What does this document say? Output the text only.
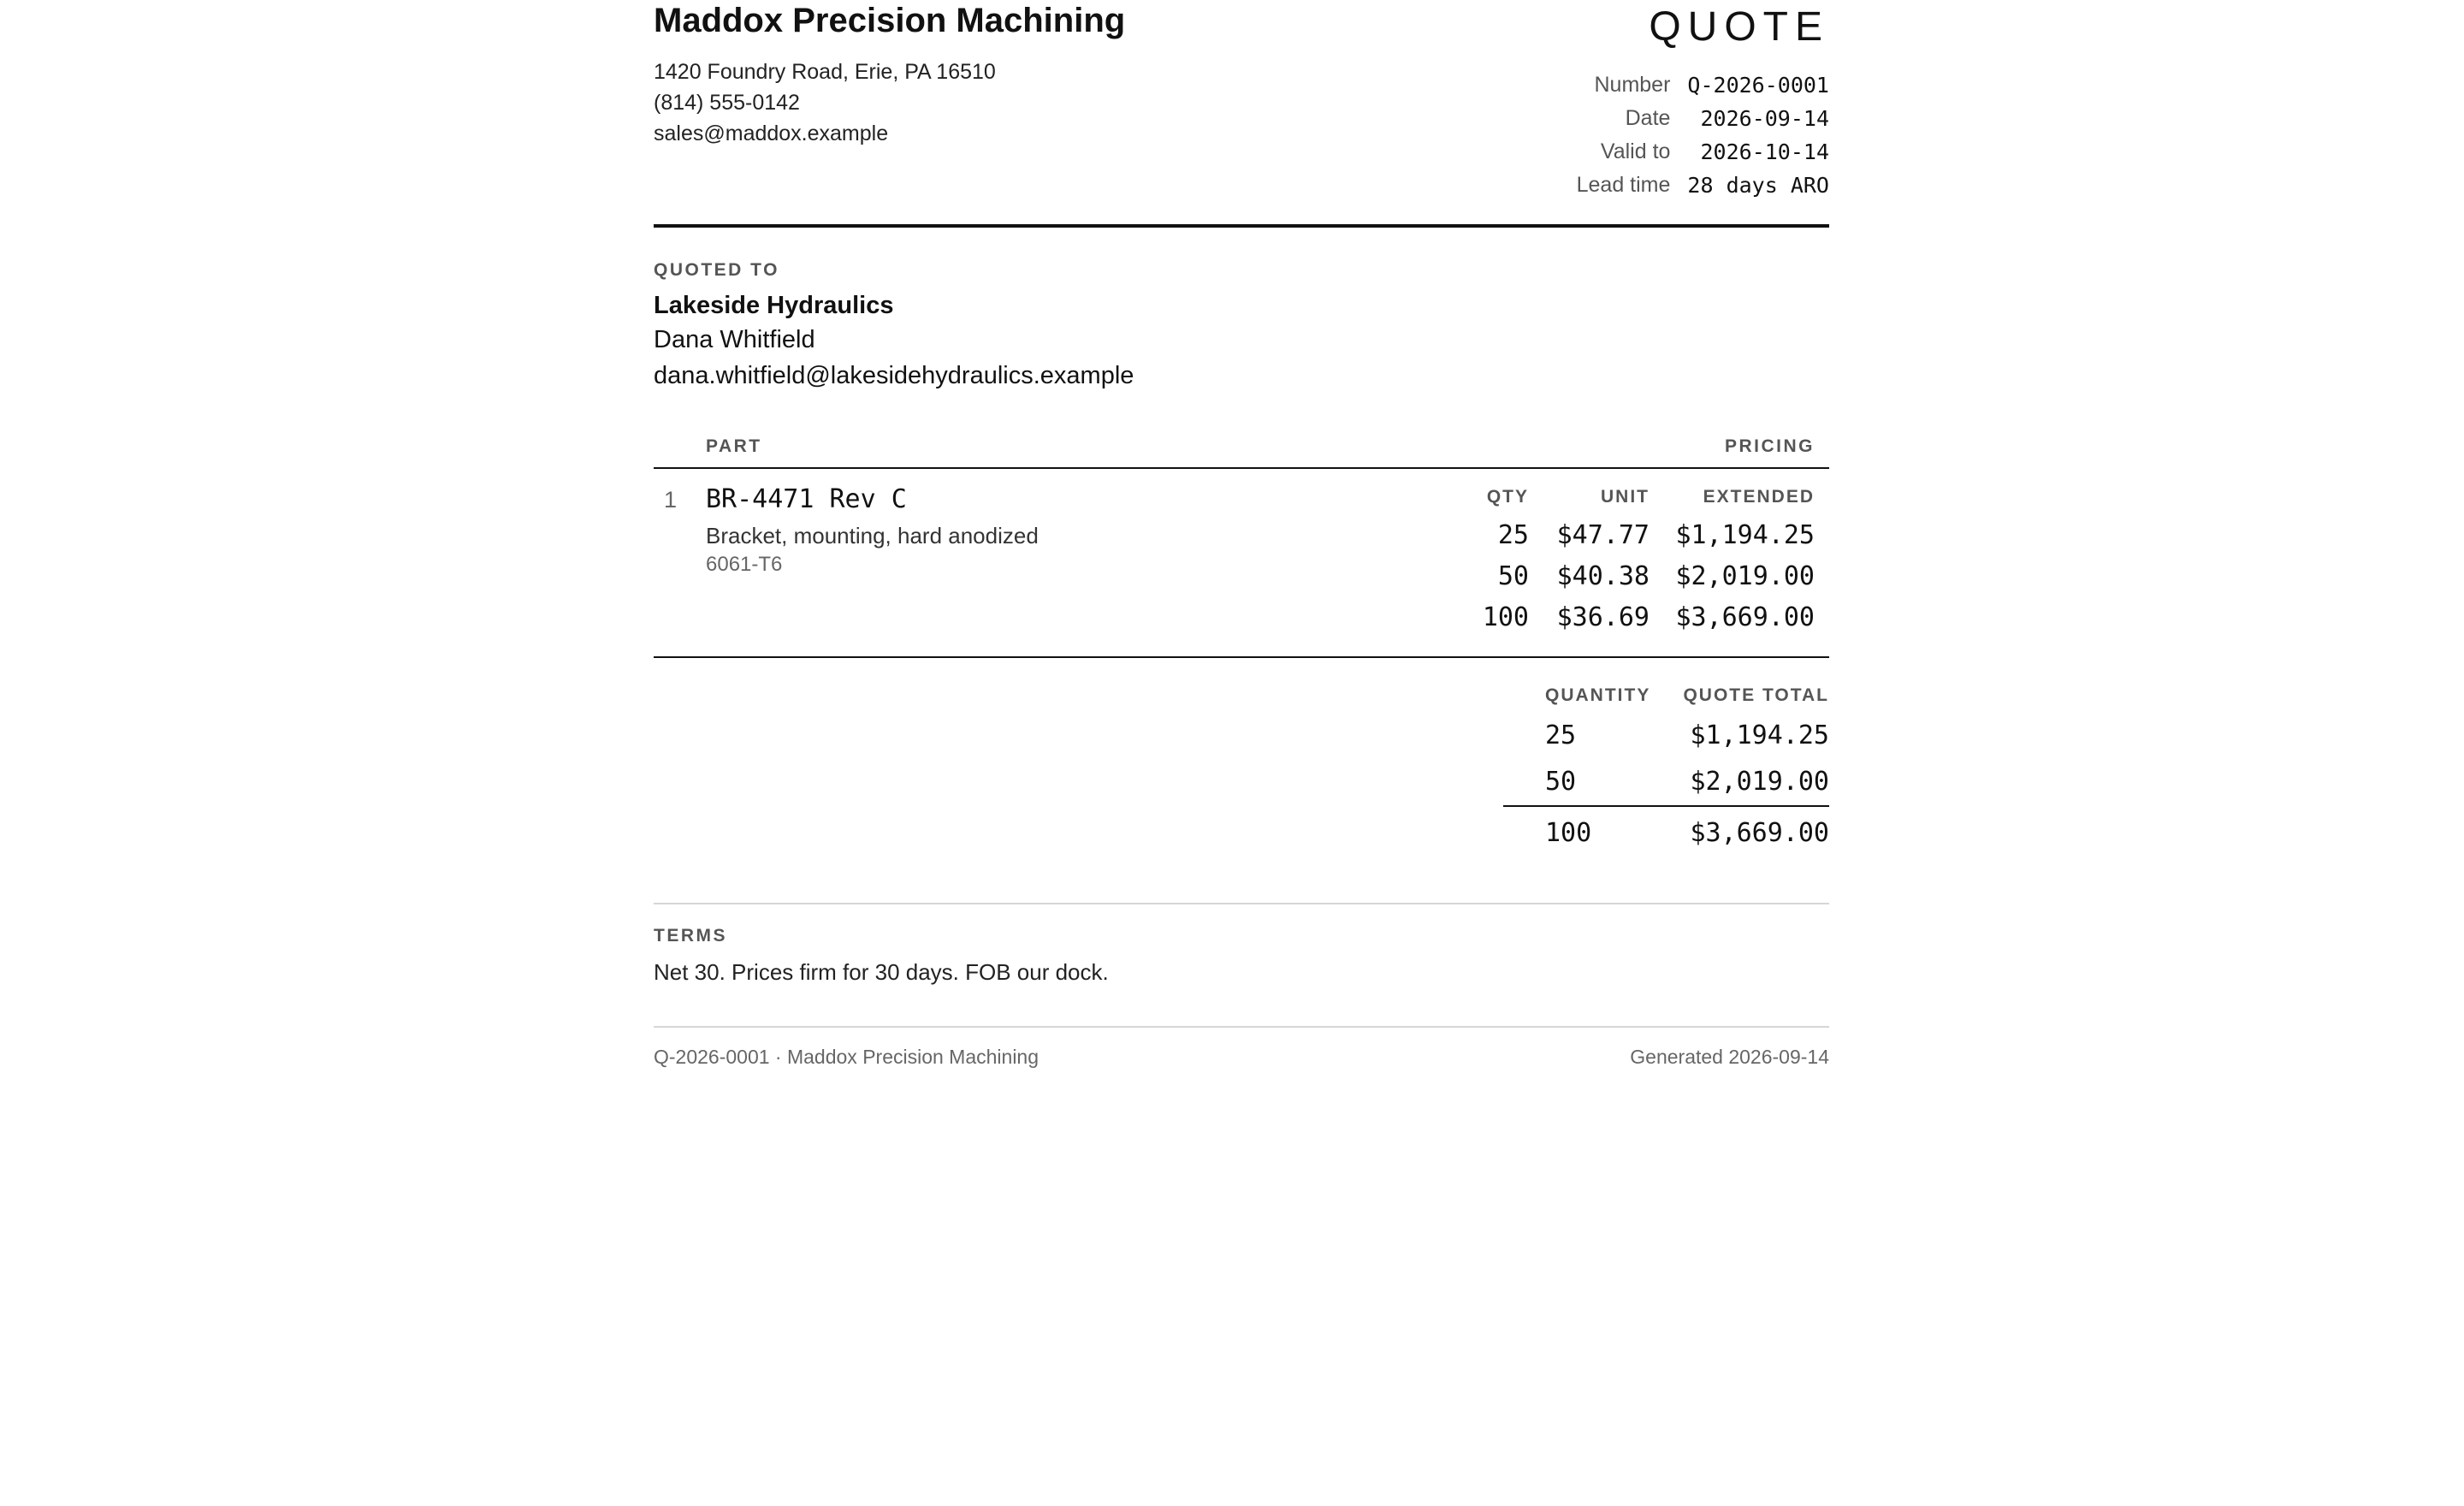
Maddox Precision Machining
1420 Foundry Road, Erie, PA 16510
(814) 555-0142
sales@maddox.example
QUOTE
Number	Q-2026-0001
Date	2026-09-14
Valid to	2026-10-14
Lead time	28 days ARO
QUOTED TO
Lakeside Hydraulics
Dana Whitfield
dana.whitfield@lakesidehydraulics.example
PART	PRICING
1 BR-4471 Rev C
Bracket, mounting, hard anodized
6061-T6
QTY	UNIT	EXTENDED
25 $47.77 $1,194.25
50 $40.38 $2,019.00
100 $36.69 $3,669.00
QUANTITY QUOTE TOTAL
25	$1,194.25
50	$2,019.00
100	$3,669.00
TERMS
Net 30. Prices firm for 30 days. FOB our dock.
Q-2026-0001 · Maddox Precision Machining	Generated 2026-09-14
